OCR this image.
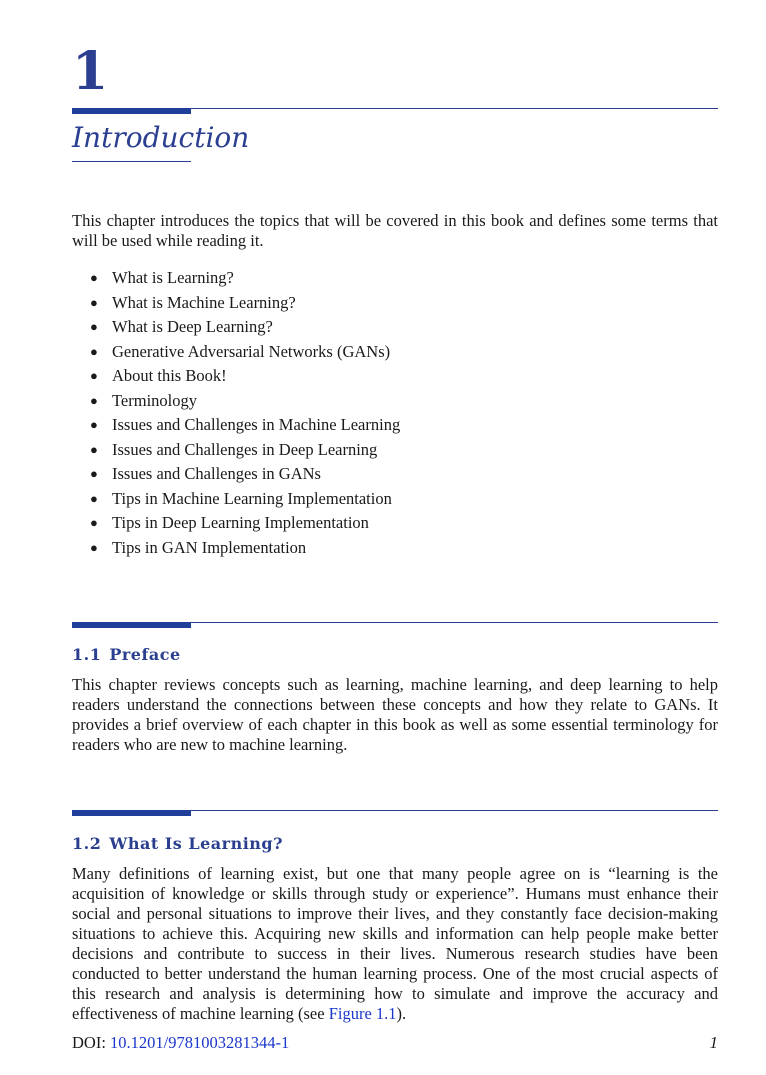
1
Introduction
This chapter introduces the topics that will be covered in this book and defines some terms that will be used while reading it.
● What is Learning?
● What is Machine Learning?
● What is Deep Learning?
● Generative Adversarial Networks (GANs)
● About this Book!
● Terminology
● Issues and Challenges in Machine Learning
● Issues and Challenges in Deep Learning
● Issues and Challenges in GANs
● Tips in Machine Learning Implementation
● Tips in Deep Learning Implementation
● Tips in GAN Implementation
1.1 Preface
This chapter reviews concepts such as learning, machine learning, and deep learning to help readers understand the connections between these concepts and how they relate to GANs. It provides a brief overview of each chapter in this book as well as some essential terminology for readers who are new to machine learning.
1.2 What Is Learning?
Many definitions of learning exist, but one that many people agree on is “learning is the acquisition of knowledge or skills through study or experience”. Humans must enhance their social and personal situations to improve their lives, and they constantly face decision-making situations to achieve this. Acquiring new skills and information can help people make better decisions and contribute to success in their lives. Numerous research studies have been conducted to better understand the human learning process. One of the most crucial aspects of this research and analysis is determining how to simulate and improve the accuracy and effectiveness of machine learning (see Figure 1.1).
DOI: 10.1201/9781003281344-1	1
